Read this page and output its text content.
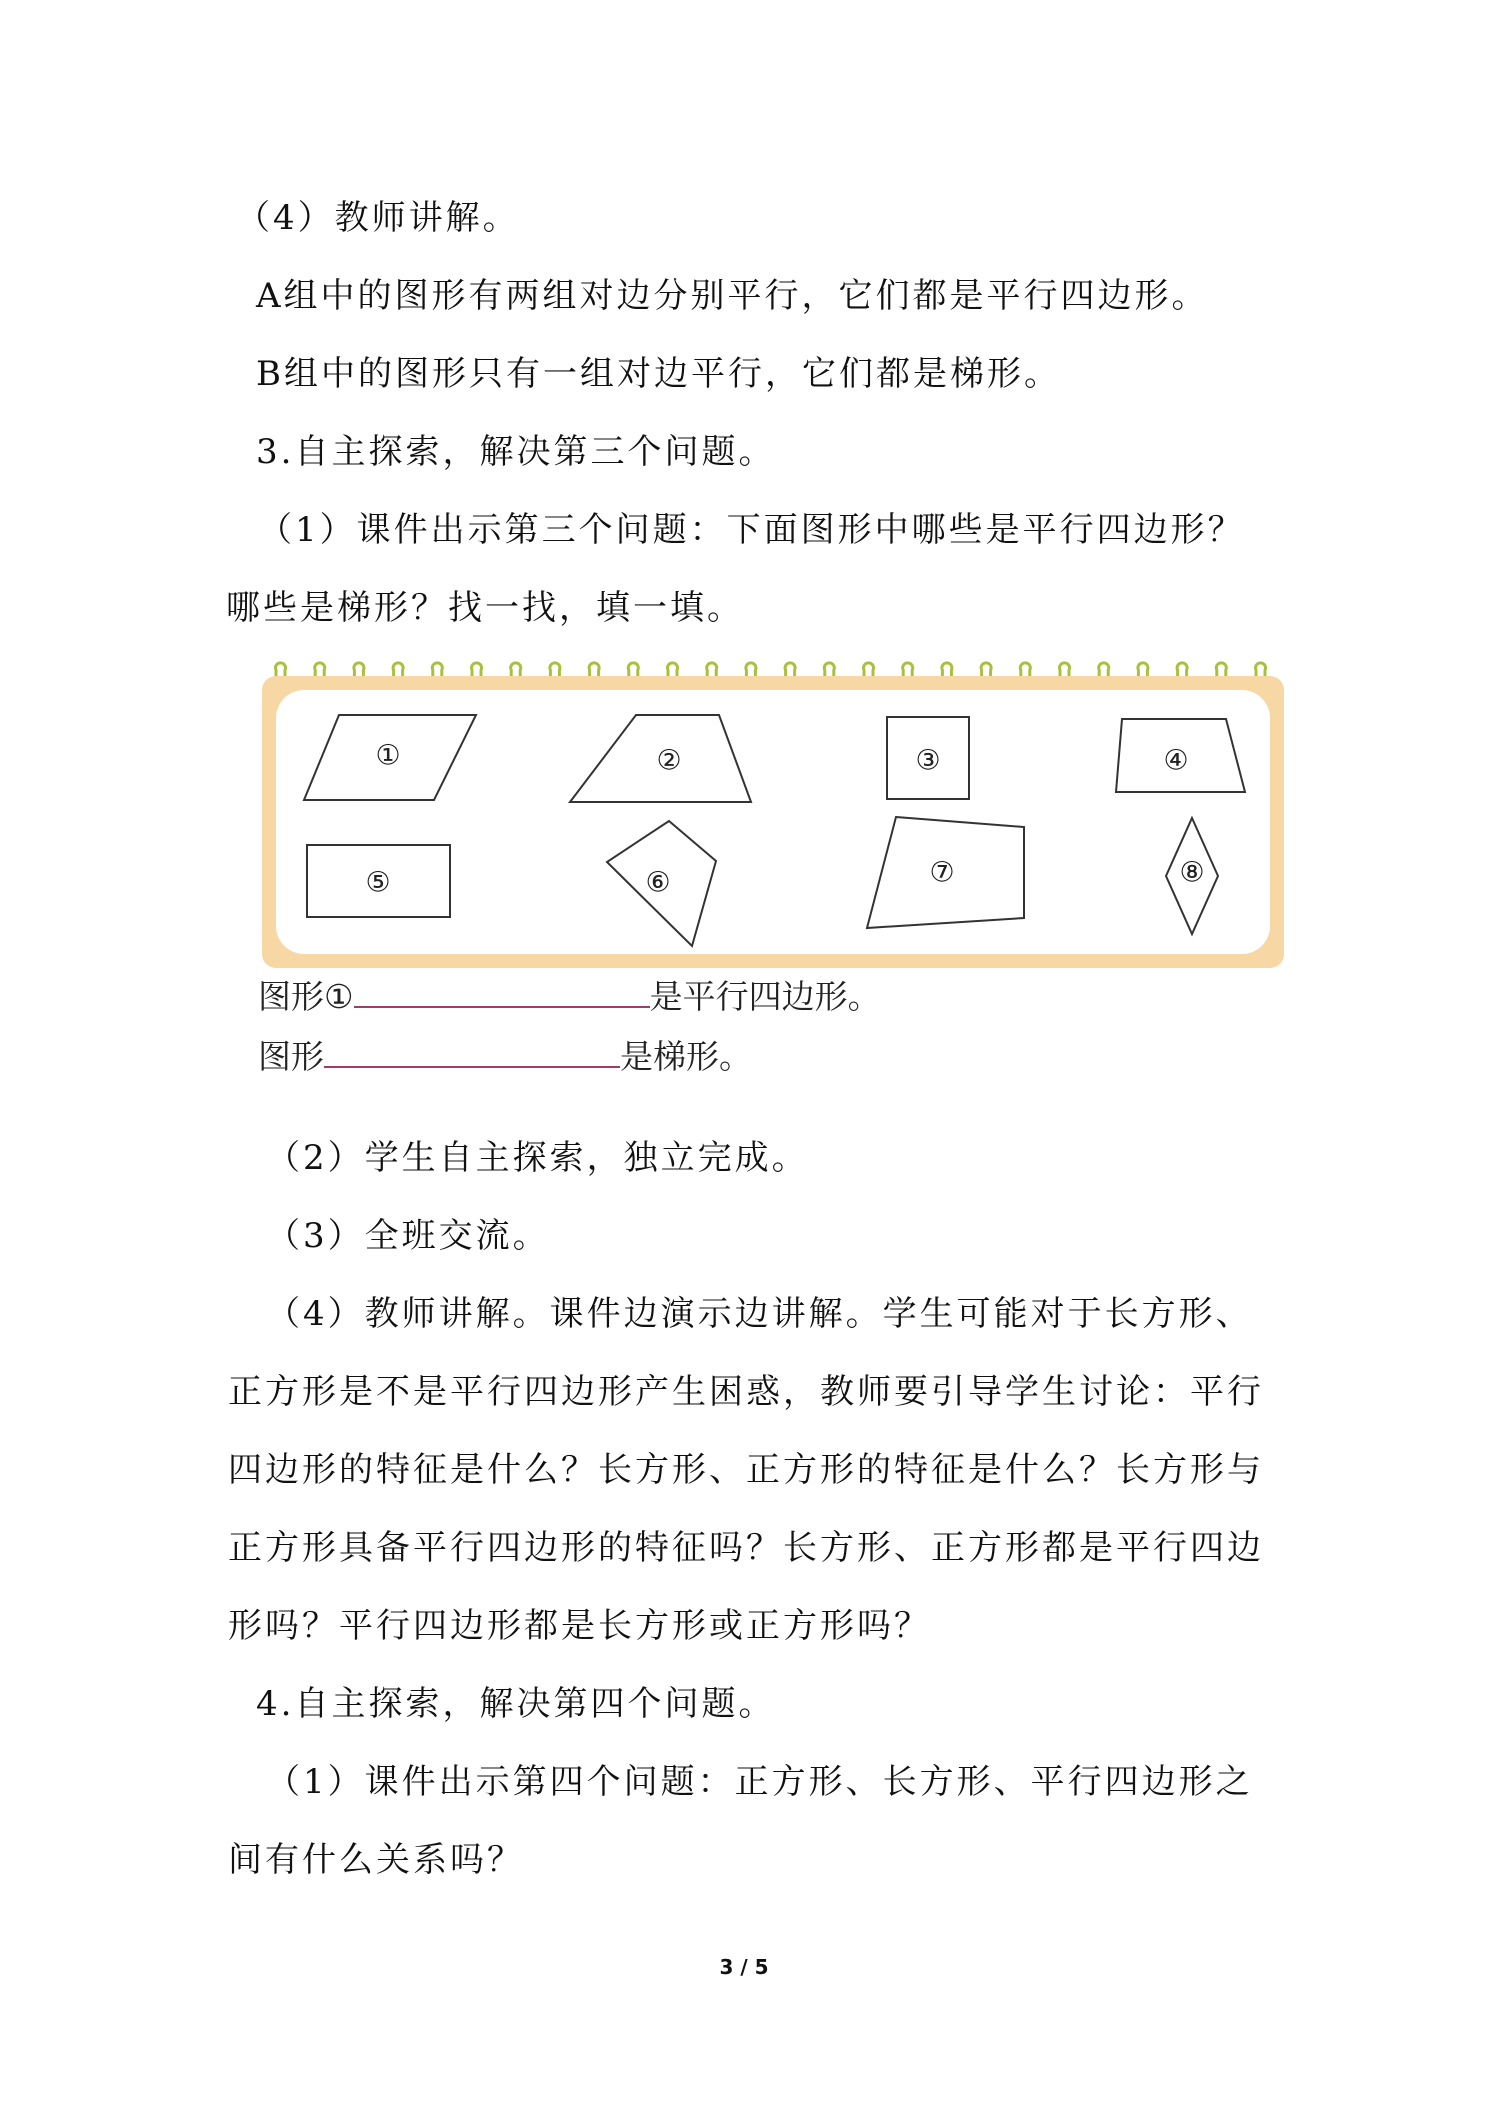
（4）教师讲解。
A组中的图形有两组对边分别平行，它们都是平行四边形。
B组中的图形只有一组对边平行，它们都是梯形。
3.自主探索，解决第三个问题。
（1）课件出示第三个问题：下面图形中哪些是平行四边形？
哪些是梯形？找一找，填一填。
①	②	③	④
⑤	⑥	⑦	⑧
图形①	是平行四边形。
图形	是梯形。
（2）学生自主探索，独立完成。
（3）全班交流。
（4）教师讲解。课件边演示边讲解。学生可能对于长方形、
正方形是不是平行四边形产生困惑，教师要引导学生讨论：平行
四边形的特征是什么？长方形、正方形的特征是什么？长方形与
正方形具备平行四边形的特征吗？长方形、正方形都是平行四边
形吗？平行四边形都是长方形或正方形吗？
4.自主探索，解决第四个问题。
（1）课件出示第四个问题：正方形、长方形、平行四边形之
间有什么关系吗？
3 / 5
